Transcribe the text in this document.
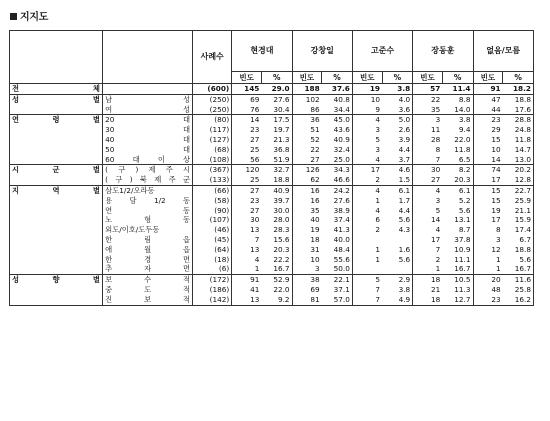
지지도
		사례수	현경대		강창일		고준수		장동훈		없음/모름	
			빈도	%	빈도	%	빈도	%	빈도	%	빈도	%
전 체		(600)	145	29.0	188	37.6	19	3.8	57	11.4	91	18.2
성 별	남 성	(250)	69	27.6	102	40.8	10	4.0	22	8.8	47	18.8
	여 성	(250)	76	30.4	86	34.4	9	3.6	35	14.0	44	17.6
연 령 별	20 대	(80)	14	17.5	36	45.0	4	5.0	3	3.8	23	28.8
	30 대	(117)	23	19.7	51	43.6	3	2.6	11	9.4	29	24.8
	40 대	(127)	27	21.3	52	40.9	5	3.9	28	22.0	15	11.8
	50 대	(68)	25	36.8	22	32.4	3	4.4	8	11.8	10	14.7
	60 대 이 상	(108)	56	51.9	27	25.0	4	3.7	7	6.5	14	13.0
시 군 별	( 구 ) 제 주 시	(367)	120	32.7	126	34.3	17	4.6	30	8.2	74	20.2
	( 구 ) 북 제 주 군	(133)	25	18.8	62	46.6	2	1.5	27	20.3	17	12.8
지 역 별	삼도1/2/오라동	(66)	27	40.9	16	24.2	4	6.1	4	6.1	15	22.7
	용 담 1/2 동	(58)	23	39.7	16	27.6	1	1.7	3	5.2	15	25.9
	연 동	(90)	27	30.0	35	38.9	4	4.4	5	5.6	19	21.1
	노 형 동	(107)	30	28.0	40	37.4	6	5.6	14	13.1	17	15.9
	외도/이호/도두동	(46)	13	28.3	19	41.3	2	4.3	4	8.7	8	17.4
	한 림 읍	(45)	7	15.6	18	40.0			17	37.8	3	6.7
	애 월 읍	(64)	13	20.3	31	48.4	1	1.6	7	10.9	12	18.8
	한 경 면	(18)	4	22.2	10	55.6	1	5.6	2	11.1	1	5.6
	추 자 면	(6)	1	16.7	3	50.0			1	16.7	1	16.7
성 향 별	보 수 적	(172)	91	52.9	38	22.1	5	2.9	18	10.5	20	11.6
	중 도 적	(186)	41	22.0	69	37.1	7	3.8	21	11.3	48	25.8
	진 보 적	(142)	13	9.2	81	57.0	7	4.9	18	12.7	23	16.2
